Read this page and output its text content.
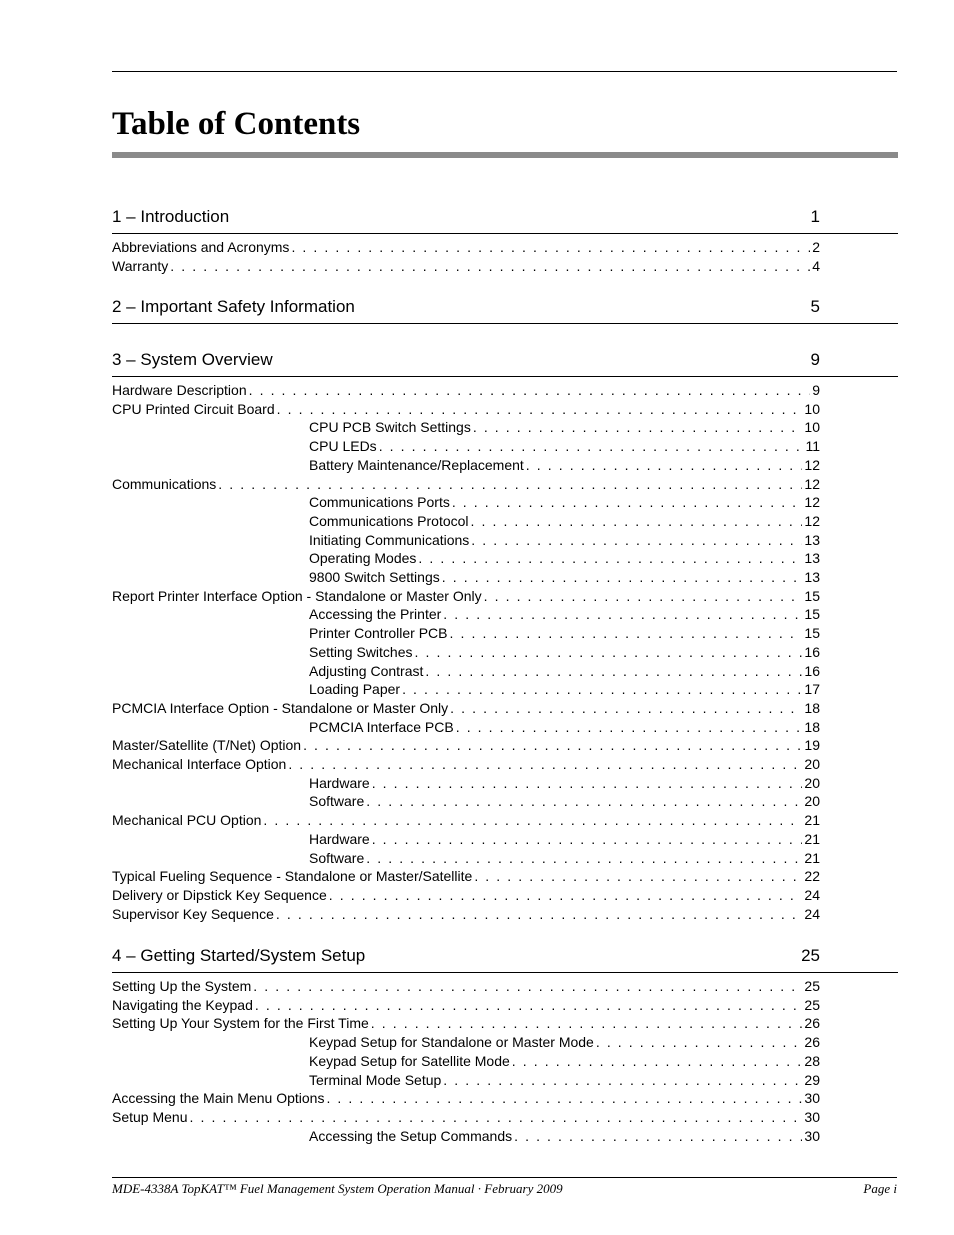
Table of Contents
1 – Introduction	1
Abbreviations and Acronyms . . .	2
Warranty . . .	4
2 – Important Safety Information	5
3 – System Overview	9
Hardware Description . . .	9
CPU Printed Circuit Board . . .	10
CPU PCB Switch Settings . . .	10
CPU LEDs . . .	11
Battery Maintenance/Replacement . . .	12
Communications . . .	12
Communications Ports . . .	12
Communications Protocol . . .	12
Initiating Communications . . .	13
Operating Modes . . .	13
9800 Switch Settings . . .	13
Report Printer Interface Option - Standalone or Master Only . . .	15
Accessing the Printer . . .	15
Printer Controller PCB . . .	15
Setting Switches . . .	16
Adjusting Contrast . . .	16
Loading Paper . . .	17
PCMCIA Interface Option - Standalone or Master Only . . .	18
PCMCIA Interface PCB . . .	18
Master/Satellite (T/Net) Option . . .	19
Mechanical Interface Option . . .	20
Hardware . . .	20
Software . . .	20
Mechanical PCU Option . . .	21
Hardware . . .	21
Software . . .	21
Typical Fueling Sequence - Standalone or Master/Satellite . . .	22
Delivery or Dipstick Key Sequence . . .	24
Supervisor Key Sequence . . .	24
4 – Getting Started/System Setup	25
Setting Up the System . . .	25
Navigating the Keypad . . .	25
Setting Up Your System for the First Time . . .	26
Keypad Setup for Standalone or Master Mode . . .	26
Keypad Setup for Satellite Mode . . .	28
Terminal Mode Setup . . .	29
Accessing the Main Menu Options . . .	30
Setup Menu . . .	30
Accessing the Setup Commands . . .	30
MDE-4338A TopKAT™ Fuel Management System Operation Manual · February 2009	Page i
